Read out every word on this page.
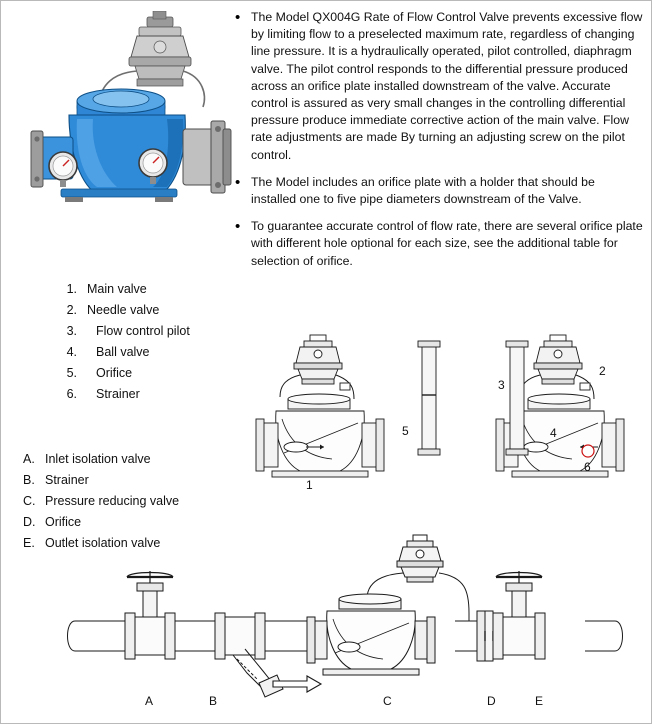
• The Model QX004G Rate of Flow Control Valve prevents excessive flow by limiting flow to a preselected maximum rate, regardless of changing line pressure. It is a hydraulically operated, pilot controlled, diaphragm valve. The pilot control responds to the differential pressure produced across an orifice plate installed downstream of the valve. Accurate control is assured as very small changes in the controlling differential pressure produce immediate corrective action of the main valve. Flow rate adjustments are made By turning an adjusting screw on the pilot control.
• The Model includes an orifice plate with a holder that should be installed one to five pipe diameters downstream of the Valve.
• To guarantee accurate control of flow rate, there are several orifice plate with different hole optional for each size, see the additional table for selection of orifice.
1. Main valve
2. Needle valve
3.	Flow control pilot
4.	Ball valve
5.	Orifice
6.	Strainer
A. Inlet isolation valve
B. Strainer
C. Pressure reducing valve
D. Orifice
E. Outlet isolation valve
1
5
2
3
4
6
A	B	C	D	E
